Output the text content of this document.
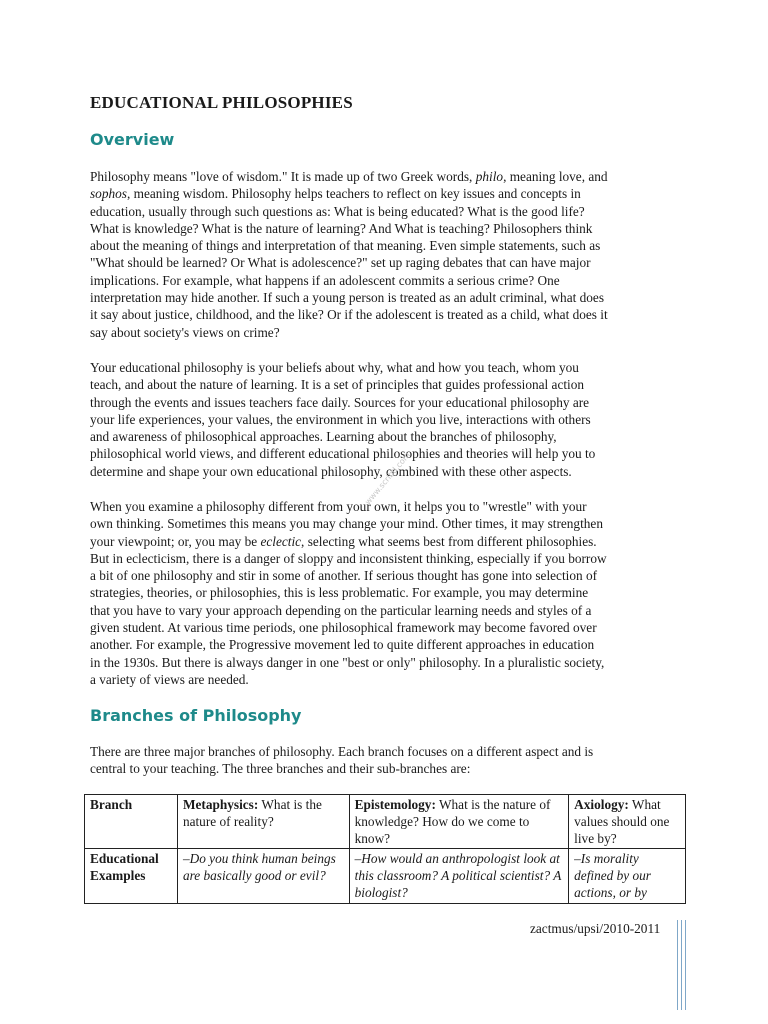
EDUCATIONAL PHILOSOPHIES
Overview
Philosophy means "love of wisdom." It is made up of two Greek words, philo, meaning love, and
sophos, meaning wisdom. Philosophy helps teachers to reflect on key issues and concepts in
education, usually through such questions as: What is being educated? What is the good life?
What is knowledge? What is the nature of learning? And What is teaching? Philosophers think
about the meaning of things and interpretation of that meaning. Even simple statements, such as
"What should be learned? Or What is adolescence?" set up raging debates that can have major
implications. For example, what happens if an adolescent commits a serious crime? One
interpretation may hide another. If such a young person is treated as an adult criminal, what does
it say about justice, childhood, and the like? Or if the adolescent is treated as a child, what does it
say about society's views on crime?
Your educational philosophy is your beliefs about why, what and how you teach, whom you
teach, and about the nature of learning. It is a set of principles that guides professional action
through the events and issues teachers face daily. Sources for your educational philosophy are
your life experiences, your values, the environment in which you live, interactions with others
and awareness of philosophical approaches. Learning about the branches of philosophy,
philosophical world views, and different educational philosophies and theories will help you to
determine and shape your own educational philosophy, combined with these other aspects.
When you examine a philosophy different from your own, it helps you to "wrestle" with your
own thinking. Sometimes this means you may change your mind. Other times, it may strengthen
your viewpoint; or, you may be eclectic, selecting what seems best from different philosophies.
But in eclecticism, there is a danger of sloppy and inconsistent thinking, especially if you borrow
a bit of one philosophy and stir in some of another. If serious thought has gone into selection of
strategies, theories, or philosophies, this is less problematic. For example, you may determine
that you have to vary your approach depending on the particular learning needs and styles of a
given student. At various time periods, one philosophical framework may become favored over
another. For example, the Progressive movement led to quite different approaches in education
in the 1930s. But there is always danger in one "best or only" philosophy. In a pluralistic society,
a variety of views are needed.
Branches of Philosophy
There are three major branches of philosophy. Each branch focuses on a different aspect and is
central to your teaching. The three branches and their sub-branches are:
Branch	Metaphysics: What is the nature of reality?	Epistemology: What is the nature of knowledge? How do we come to know?	Axiology: What values should one live by?
Educational Examples	–Do you think human beings are basically good or evil?	–How would an anthropologist look at this classroom? A political scientist? A biologist?	–Is morality defined by our actions, or by
www.scribd.com
zactmus/upsi/2010-2011
